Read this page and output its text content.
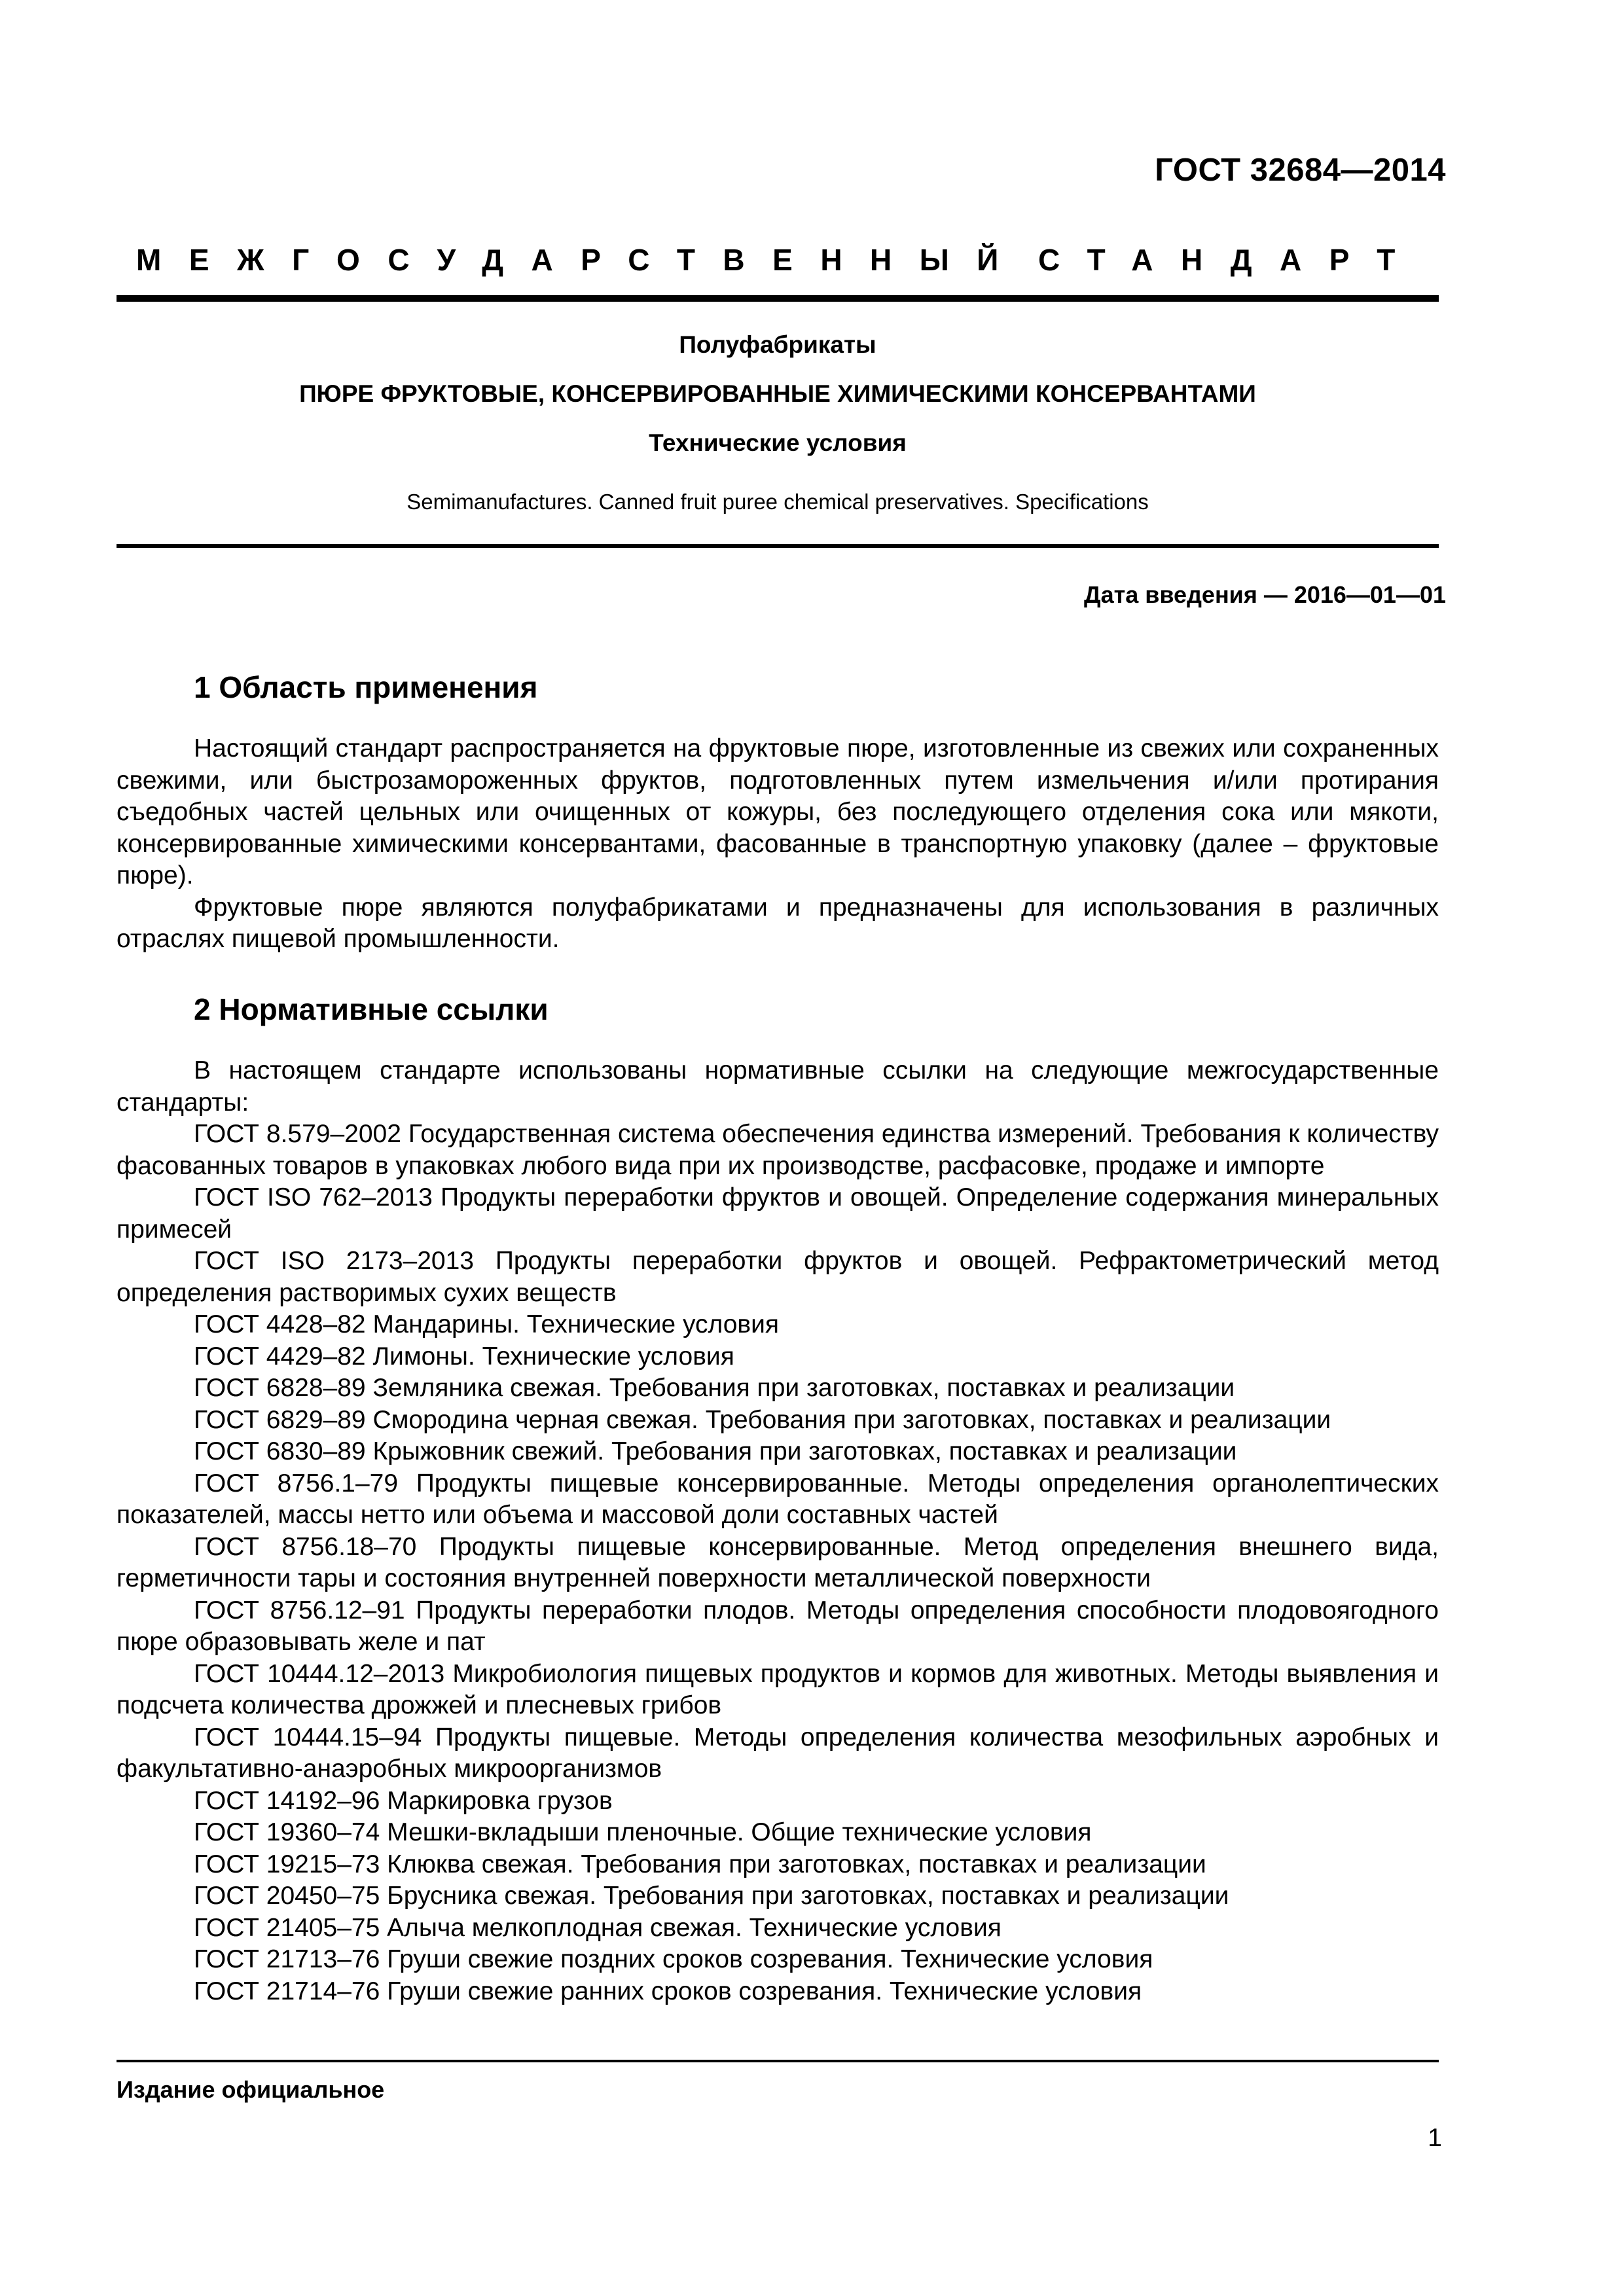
ГОСТ 32684—2014
МЕЖГОСУДАРСТВЕННЫЙ СТАНДАРТ
Полуфабрикаты
ПЮРЕ ФРУКТОВЫЕ, КОНСЕРВИРОВАННЫЕ ХИМИЧЕСКИМИ КОНСЕРВАНТАМИ
Технические условия
Semimanufactures. Canned fruit puree chemical preservatives. Specifications
Дата введения — 2016—01—01
1 Область применения

Настоящий стандарт распространяется на фруктовые пюре, изготовленные из свежих или сохраненных свежими, или быстрозамороженных фруктов, подготовленных путем измельчения и/или протирания съедобных частей цельных или очищенных от кожуры, без последующего отделения сока или мякоти, консервированные химическими консервантами, фасованные в транспортную упаковку (далее – фруктовые пюре).

Фруктовые пюре являются полуфабрикатами и предназначены для использования в различных отраслях пищевой промышленности.

2 Нормативные ссылки

В настоящем стандарте использованы нормативные ссылки на следующие межгосударственные стандарты:

ГОСТ 8.579–2002 Государственная система обеспечения единства измерений. Требования к количеству фасованных товаров в упаковках любого вида при их производстве, расфасовке, продаже и импорте

ГОСТ ISO 762–2013 Продукты переработки фруктов и овощей. Определение содержания минеральных примесей

ГОСТ ISO 2173–2013 Продукты переработки фруктов и овощей. Рефрактометрический метод определения растворимых сухих веществ

ГОСТ 4428–82 Мандарины. Технические условия

ГОСТ 4429–82 Лимоны. Технические условия

ГОСТ 6828–89 Земляника свежая. Требования при заготовках, поставках и реализации

ГОСТ 6829–89 Смородина черная свежая. Требования при заготовках, поставках и реализации

ГОСТ 6830–89 Крыжовник свежий. Требования при заготовках, поставках и реализации

ГОСТ 8756.1–79 Продукты пищевые консервированные. Методы определения органолептических показателей, массы нетто или объема и массовой доли составных частей

ГОСТ 8756.18–70 Продукты пищевые консервированные. Метод определения внешнего вида, герметичности тары и состояния внутренней поверхности металлической поверхности

ГОСТ 8756.12–91 Продукты переработки плодов. Методы определения способности плодовоягодного пюре образовывать желе и пат

ГОСТ 10444.12–2013 Микробиология пищевых продуктов и кормов для животных. Методы выявления и подсчета количества дрожжей и плесневых грибов

ГОСТ 10444.15–94 Продукты пищевые. Методы определения количества мезофильных аэробных и факультативно-анаэробных микроорганизмов

ГОСТ 14192–96 Маркировка грузов

ГОСТ 19360–74 Мешки-вкладыши пленочные. Общие технические условия

ГОСТ 19215–73 Клюква свежая. Требования при заготовках, поставках и реализации

ГОСТ 20450–75 Брусника свежая. Требования при заготовках, поставках и реализации

ГОСТ 21405–75 Алыча мелкоплодная свежая. Технические условия

ГОСТ 21713–76 Груши свежие поздних сроков созревания. Технические условия

ГОСТ 21714–76 Груши свежие ранних сроков созревания. Технические условия

Издание официальное
1
